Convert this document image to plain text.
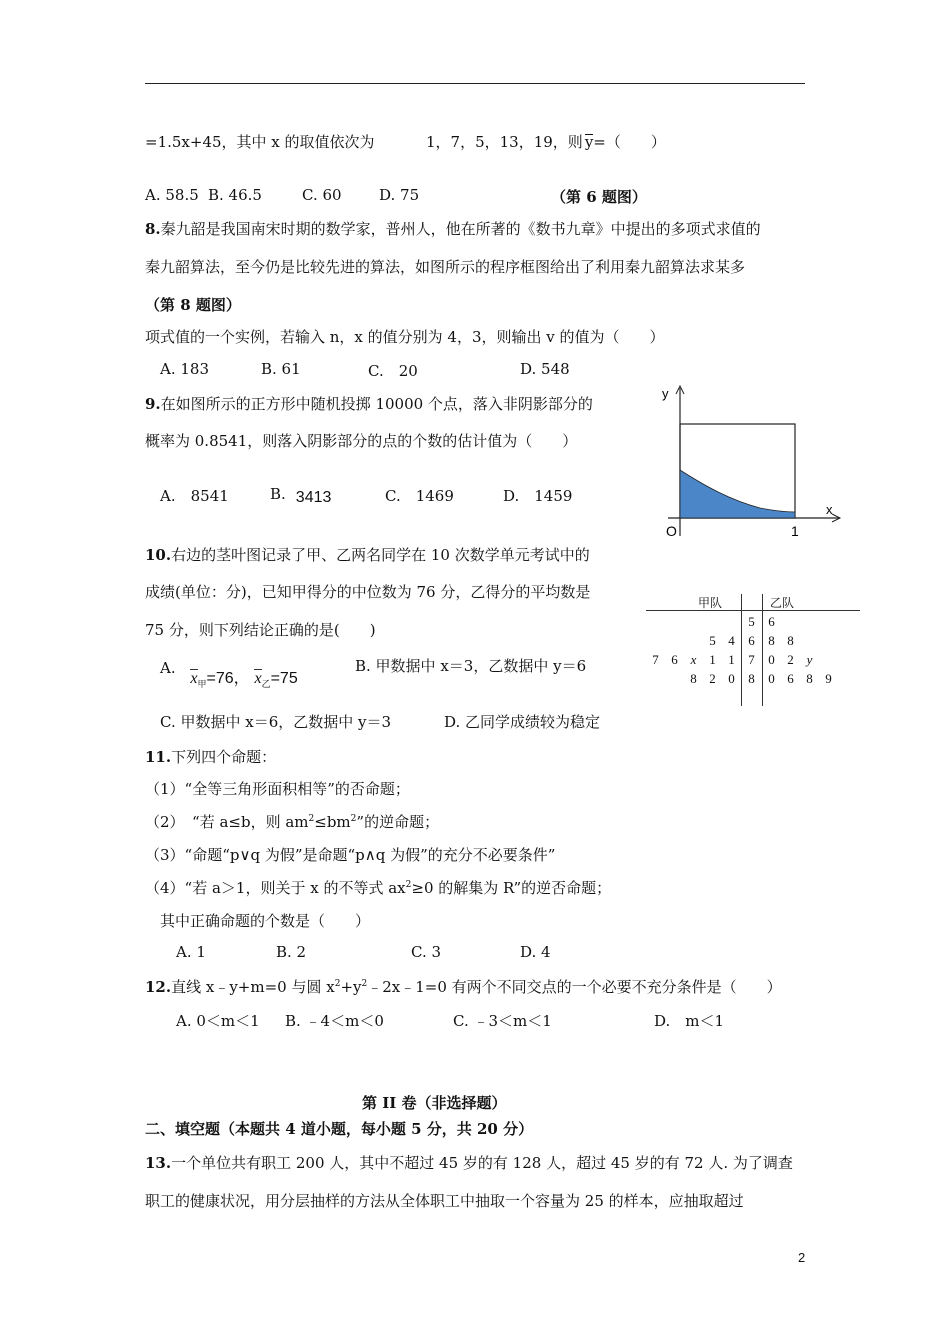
=1.5x+45，其中 x 的取值依次为	1，7，5，13，19，则 y=（　　）
A. 58.5 B. 46.5	C. 60 D. 75	（第 6 题图）
8.秦九韶是我国南宋时期的数学家，普州人，他在所著的《数书九章》中提出的多项式求值的
秦九韶算法，至今仍是比较先进的算法，如图所示的程序框图给出了利用秦九韶算法求某多
（第 8 题图）
项式值的一个实例，若输入 n，x 的值分别为 4，3，则输出 v 的值为（　　）
A. 183	B. 61	C.　20	D. 548
9.在如图所示的正方形中随机投掷 10000 个点，落入非阴影部分的
概率为 0.8541，则落入阴影部分的点的个数的估计值为（　　）
A.　8541	B. 3413	C.　1469	D.　1459
y
x
O	1
10.右边的茎叶图记录了甲、乙两名同学在 10 次数学单元考试中的
成绩(单位：分)，已知甲得分的中位数为 76 分，乙得分的平均数是
75 分，则下列结论正确的是(　　)
A. $x_甲=76$， $x_乙=75$
B. 甲数据中 x＝3，乙数据中 y＝6
C. 甲数据中 x＝6，乙数据中 y＝3	D. 乙同学成绩较为稳定
甲队	乙队
					5	6			
			5	4	6	8	8		
7	6	x	1	1	7	0	2	y	
		8	2	0	8	0	6	8	9
11.下列四个命题：
（1）“全等三角形面积相等”的否命题；
（2）　“若 a≤b，则 $am^2\le bm^2$”的逆命题；
（3）“命题“p∨q 为假”是命题“p∧q 为假”的充分不必要条件”
（4）“若 a＞1，则关于 x 的不等式 $ax^2\ge 0$ 的解集为 R”的逆否命题；
其中正确命题的个数是（　　）
A. 1	B. 2	C. 3	D. 4
12.直线 x﹣y+m=0 与圆 $x^2+y^2﹣2x﹣1=0$ 有两个不同交点的一个必要不充分条件是（　　）
A. 0＜m＜1 B. ﹣4＜m＜0	C. ﹣3＜m＜1	D.　m＜1
第 II 卷（非选择题）
二、填空题（本题共 4 道小题，每小题 5 分，共 20 分）
13.一个单位共有职工 200 人，其中不超过 45 岁的有 128 人，超过 45 岁的有 72 人. 为了调查
职工的健康状况，用分层抽样的方法从全体职工中抽取一个容量为 25 的样本，应抽取超过
2
